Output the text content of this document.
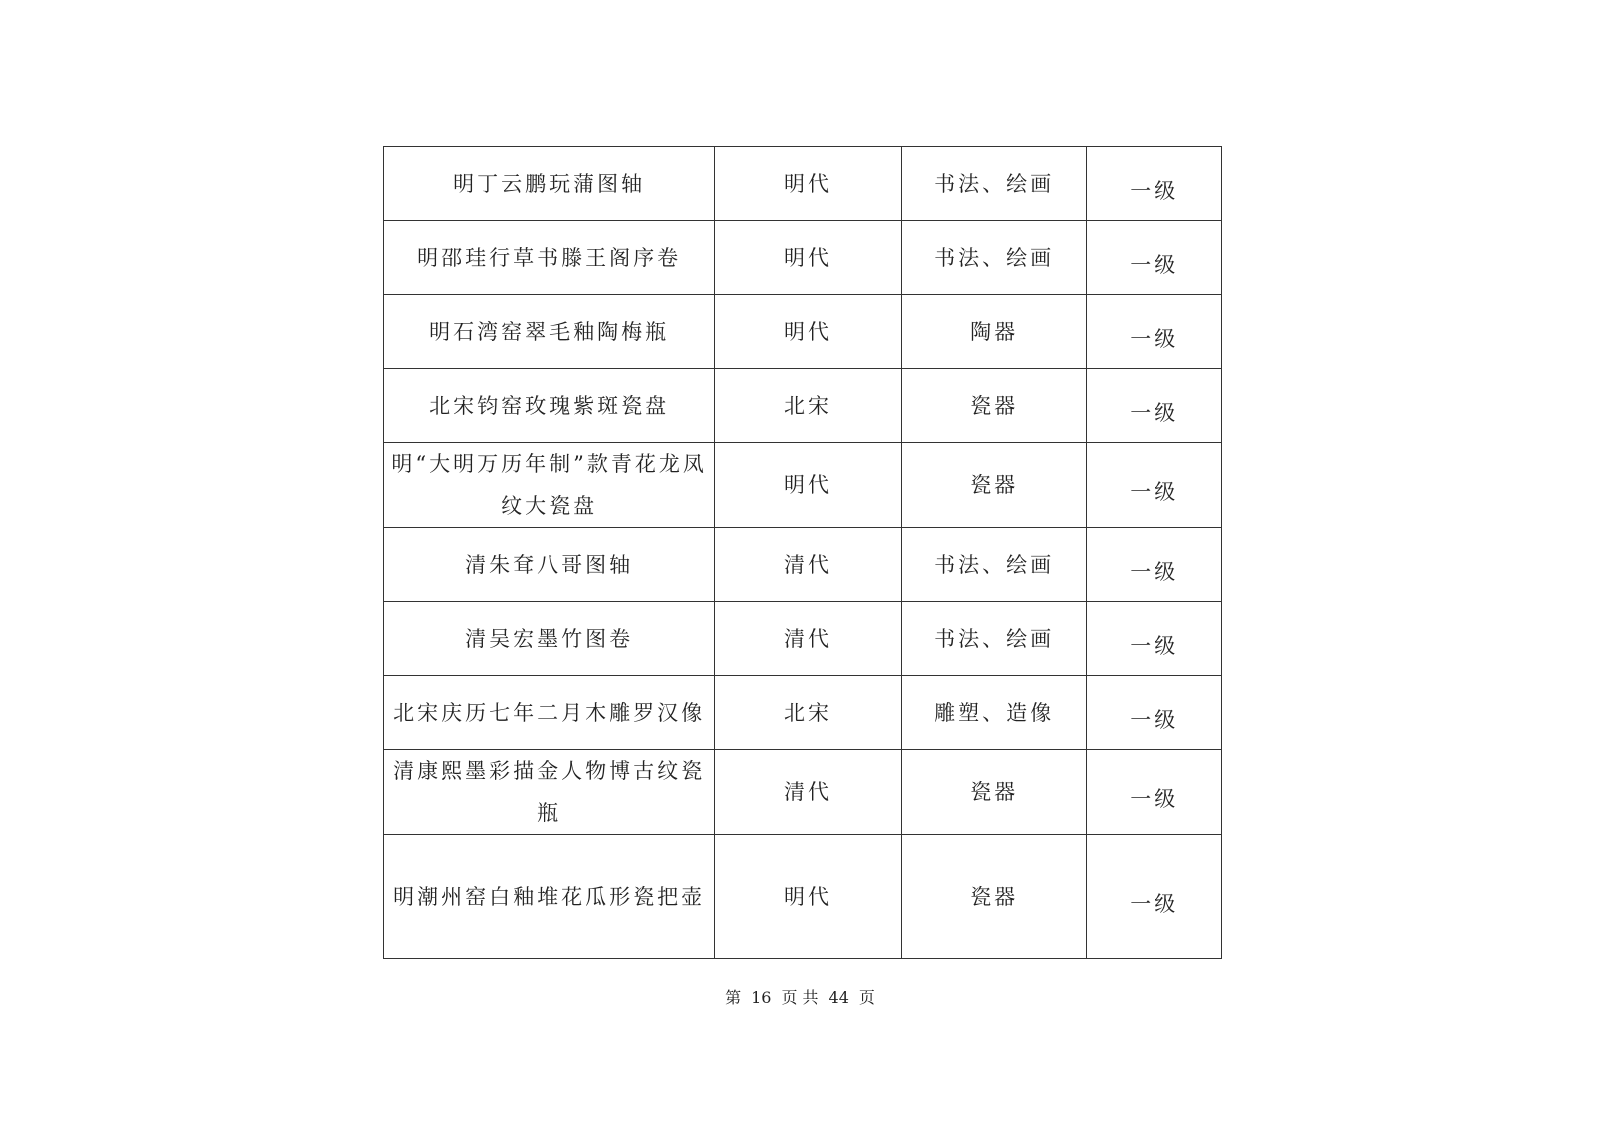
明丁云鹏玩蒲图轴	明代	书法、绘画	一级
明邵珪行草书滕王阁序卷	明代	书法、绘画	一级
明石湾窑翠毛釉陶梅瓶	明代	陶器	一级
北宋钧窑玫瑰紫斑瓷盘	北宋	瓷器	一级
明“大明万历年制”款青花龙凤纹大瓷盘	明代	瓷器	一级
清朱耷八哥图轴	清代	书法、绘画	一级
清吴宏墨竹图卷	清代	书法、绘画	一级
北宋庆历七年二月木雕罗汉像	北宋	雕塑、造像	一级
清康熙墨彩描金人物博古纹瓷瓶	清代	瓷器	一级
明潮州窑白釉堆花瓜形瓷把壶	明代	瓷器	一级
第 16 页 共 44 页
